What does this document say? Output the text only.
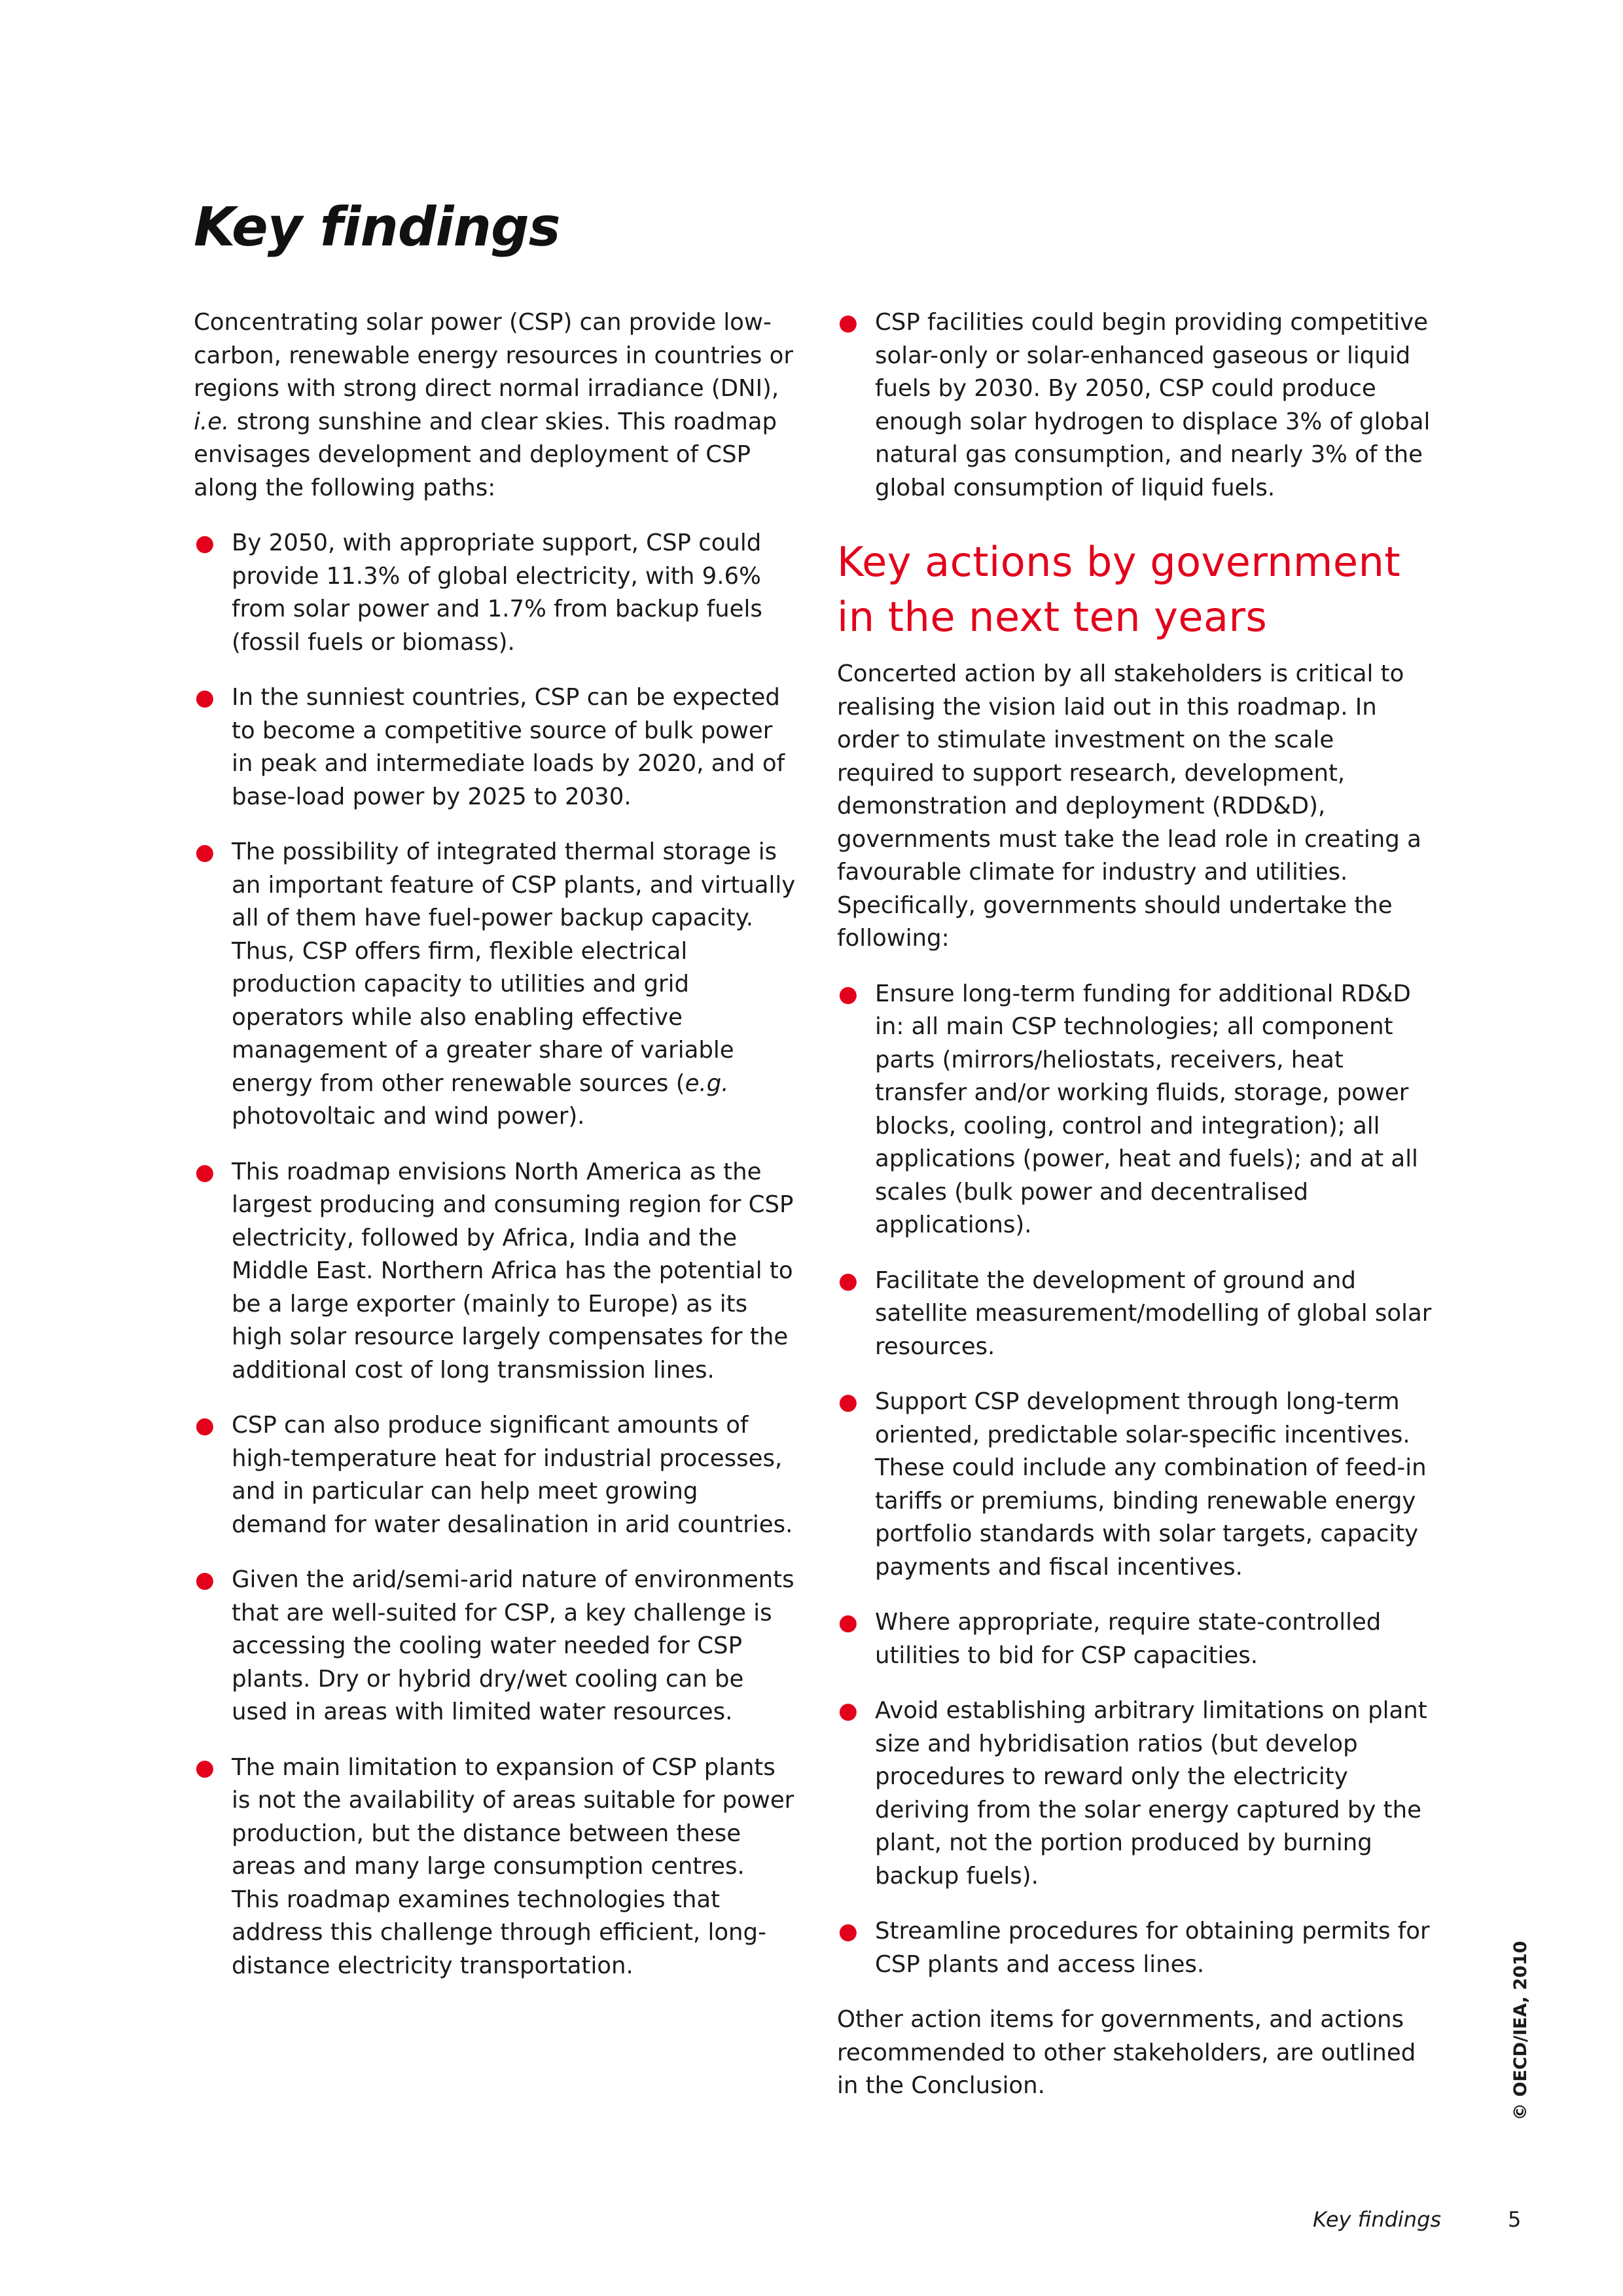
Key findings

Concentrating solar power (CSP) can provide low-carbon, renewable energy resources in countries or regions with strong direct normal irradiance (DNI), i.e. strong sunshine and clear skies. This roadmap envisages development and deployment of CSP along the following paths:

● By 2050, with appropriate support, CSP could provide 11.3% of global electricity, with 9.6% from solar power and 1.7% from backup fuels (fossil fuels or biomass).
● In the sunniest countries, CSP can be expected to become a competitive source of bulk power in peak and intermediate loads by 2020, and of base-load power by 2025 to 2030.
● The possibility of integrated thermal storage is an important feature of CSP plants, and virtually all of them have fuel-power backup capacity. Thus, CSP offers firm, flexible electrical production capacity to utilities and grid operators while also enabling effective management of a greater share of variable energy from other renewable sources (e.g. photovoltaic and wind power).
● This roadmap envisions North America as the largest producing and consuming region for CSP electricity, followed by Africa, India and the Middle East. Northern Africa has the potential to be a large exporter (mainly to Europe) as its high solar resource largely compensates for the additional cost of long transmission lines.
● CSP can also produce significant amounts of high-temperature heat for industrial processes, and in particular can help meet growing demand for water desalination in arid countries.
● Given the arid/semi-arid nature of environments that are well-suited for CSP, a key challenge is accessing the cooling water needed for CSP plants. Dry or hybrid dry/wet cooling can be used in areas with limited water resources.
● The main limitation to expansion of CSP plants is not the availability of areas suitable for power production, but the distance between these areas and many large consumption centres. This roadmap examines technologies that address this challenge through efficient, long-distance electricity transportation.
● CSP facilities could begin providing competitive solar-only or solar-enhanced gaseous or liquid fuels by 2030. By 2050, CSP could produce enough solar hydrogen to displace 3% of global natural gas consumption, and nearly 3% of the global consumption of liquid fuels.
Key actions by government
in the next ten years

Concerted action by all stakeholders is critical to realising the vision laid out in this roadmap. In order to stimulate investment on the scale required to support research, development, demonstration and deployment (RDD&D), governments must take the lead role in creating a favourable climate for industry and utilities. Specifically, governments should undertake the following:

● Ensure long-term funding for additional RD&D in: all main CSP technologies; all component parts (mirrors/heliostats, receivers, heat transfer and/or working fluids, storage, power blocks, cooling, control and integration); all applications (power, heat and fuels); and at all scales (bulk power and decentralised applications).
● Facilitate the development of ground and satellite measurement/modelling of global solar resources.
● Support CSP development through long-term oriented, predictable solar-specific incentives. These could include any combination of feed-in tariffs or premiums, binding renewable energy portfolio standards with solar targets, capacity payments and fiscal incentives.
● Where appropriate, require state-controlled utilities to bid for CSP capacities.
● Avoid establishing arbitrary limitations on plant size and hybridisation ratios (but develop procedures to reward only the electricity deriving from the solar energy captured by the plant, not the portion produced by burning backup fuels).
● Streamline procedures for obtaining permits for CSP plants and access lines.

Other action items for governments, and actions recommended to other stakeholders, are outlined in the Conclusion.	© OECD/IEA, 2010
Key findings	5
